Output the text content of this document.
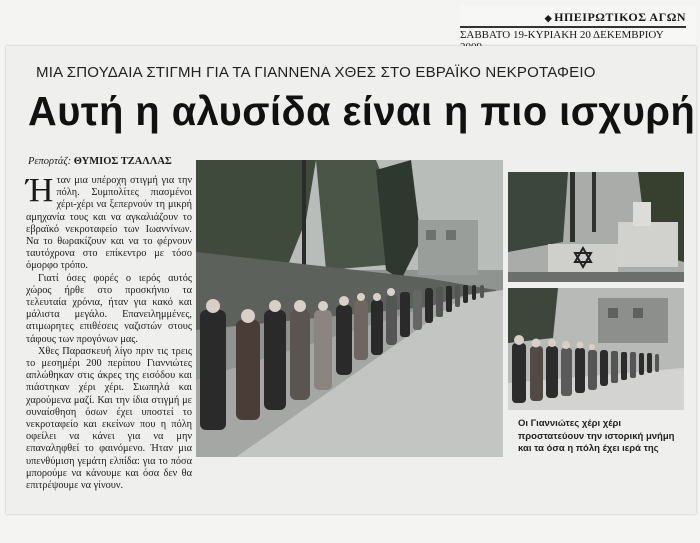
◆ ΗΠΕΙΡΩΤΙΚΟΣ ΑΓΩΝ
ΣΑΒΒΑΤΟ 19-ΚΥΡΙΑΚΗ 20 ΔΕΚΕΜΒΡΙΟΥ
ΜΙΑ ΣΠΟΥΔΑΙΑ ΣΤΙΓΜΗ ΓΙΑ ΤΑ ΓΙΑΝΝΕΝΑ ΧΘΕΣ ΣΤΟ ΕΒΡΑΪΚΟ ΝΕΚΡΟΤΑΦΕΙΟ
Αυτή η αλυσίδα είναι η πιο ισχυρή
Ρεπορτάζ: ΘΥΜΙΟΣ ΤΖΑΛΛΑΣ

Ήταν μια υπέροχη στιγμή για την πόλη. Συμπολίτες πιασμένοι χέρι-χέρι να ξεπερνούν τη μικρή αμηχανία τους και να αγκαλιάζουν το εβραϊκό νεκροταφείο των Ιωαννίνων. Να το θωρακίζουν και να το φέρνουν ταυτόχρονα στο επίκεντρο με τόσο όμορφο τρόπο.

Γιατί όσες φορές ο ιερός αυτός χώρος ήρθε στο προσκήνιο τα τελευταία χρόνια, ήταν για κακό και μάλιστα μεγάλο. Επανειλημμένες, ατιμωρητες επιθέσεις ναζιστών στους τάφους των προγόνων μας.

Χθες Παρασκευή λίγο πριν τις τρεις το μεσημέρι 200 περίπου Γιαννιώτες απλώθηκαν στις άκρες της εισόδου και πιάστηκαν χέρι χέρι. Σιωπηλά και χαρούμενα μαζί. Και την ίδια στιγμή με συναίσθηση όσων έχει υποστεί το νεκροταφείο και εκείνων που η πόλη οφείλει να κάνει για να μην επαναληφθεί το φαινόμενο. Ήταν μια υπενθύμιση γεμάτη ελπίδα: για το πόσα μπορούμε να κάνουμε και όσα δεν θα επιτρέψουμε να γίνουν.

Οι Γιαννιώτες χέρι χέρι προστατεύουν την ιστορική μνήμη και τα όσα η πόλη έχει ιερά της
